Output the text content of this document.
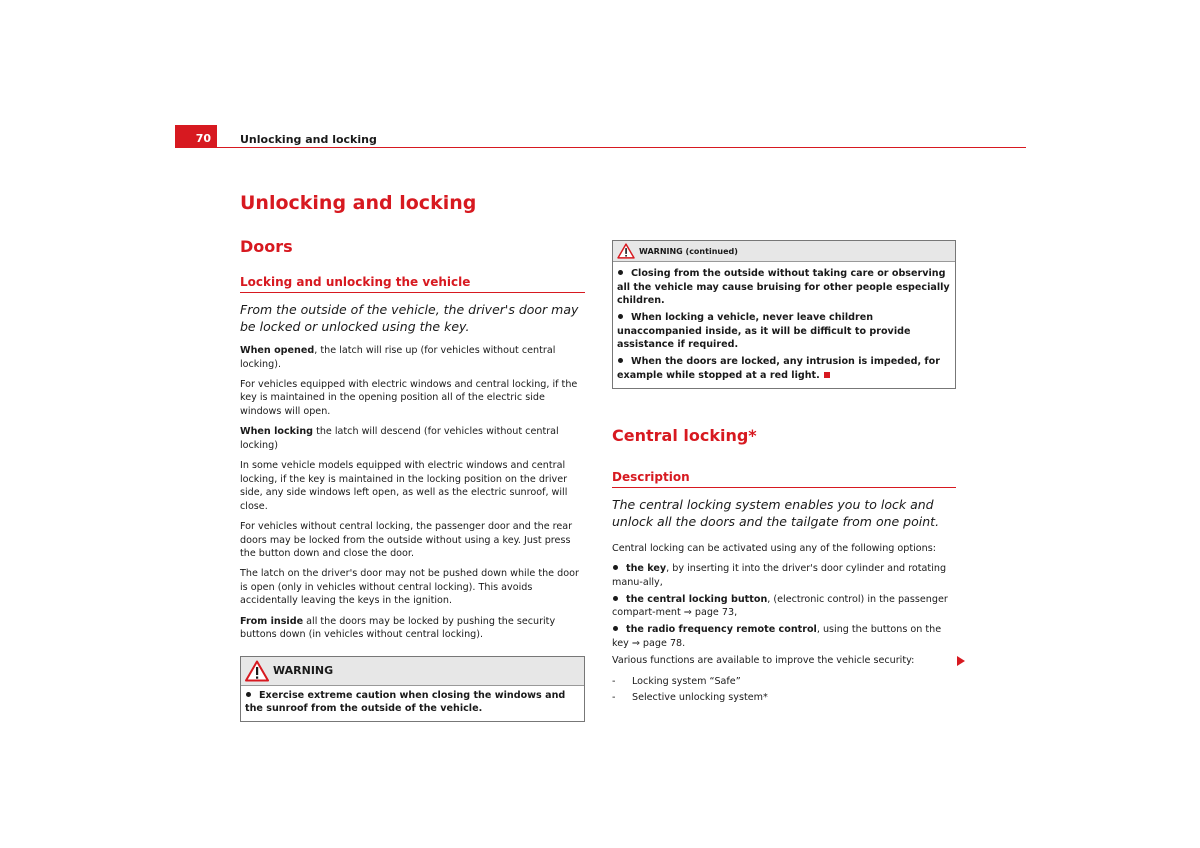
70	Unlocking and locking
Unlocking and locking
Doors
Locking and unlocking the vehicle
From the outside of the vehicle, the driver's door may be locked or unlocked using the key.

When opened, the latch will rise up (for vehicles without central locking).

For vehicles equipped with electric windows and central locking, if the key is maintained in the opening position all of the electric side windows will open.

When locking the latch will descend (for vehicles without central locking)

In some vehicle models equipped with electric windows and central locking, if the key is maintained in the locking position on the driver side, any side windows left open, as well as the electric sunroof, will close.

For vehicles without central locking, the passenger door and the rear doors may be locked from the outside without using a key. Just press the button down and close the door.

The latch on the driver's door may not be pushed down while the door is open (only in vehicles without central locking). This avoids accidentally leaving the keys in the ignition.

From inside all the doors may be locked by pushing the security buttons down (in vehicles without central locking).

WARNING
Exercise extreme caution when closing the windows and the sunroof from the outside of the vehicle.
WARNING (continued)
Closing from the outside without taking care or observing all the vehicle may cause bruising for other people especially children.
When locking a vehicle, never leave children unaccompanied inside, as it will be difficult to provide assistance if required.
When the doors are locked, any intrusion is impeded, for example while stopped at a red light.
Central locking*
Description
The central locking system enables you to lock and unlock all the doors and the tailgate from one point.

Central locking can be activated using any of the following options:

the key, by inserting it into the driver's door cylinder and rotating manu-ally,
the central locking button, (electronic control) in the passenger compart-ment ⇒ page 73,
the radio frequency remote control, using the buttons on the key ⇒ page 78.

Various functions are available to improve the vehicle security:

-	Locking system “Safe”
-	Selective unlocking system*
